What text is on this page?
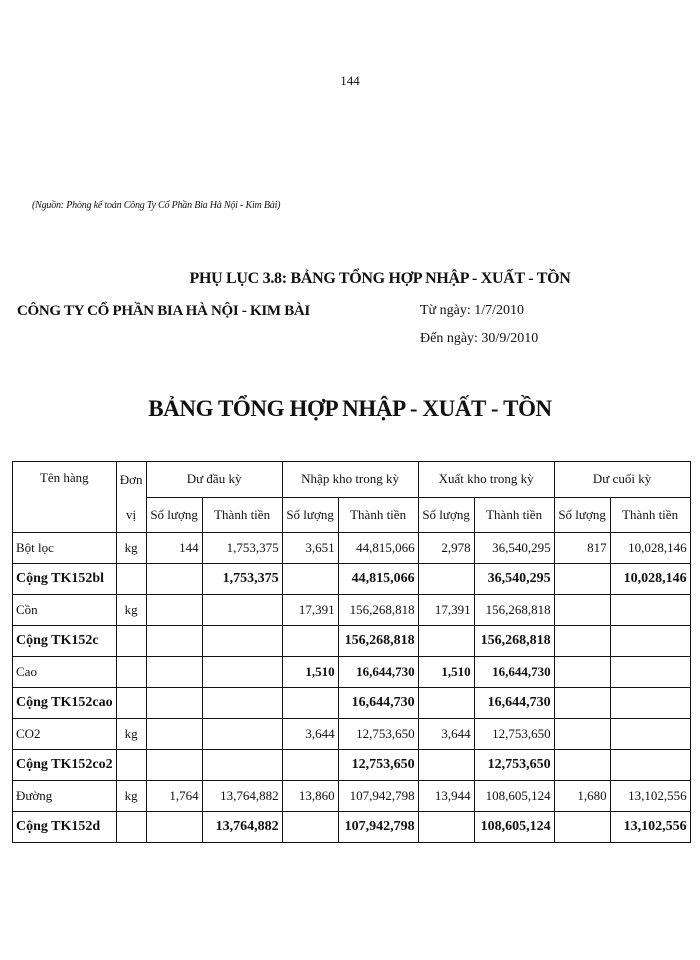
144
(Nguồn: Phòng kế toán Công Ty Cổ Phần Bia Hà Nội - Kim Bài)
PHỤ LỤC 3.8: BẢNG TỔNG HỢP NHẬP - XUẤT - TỒN
CÔNG TY CỔ PHẦN BIA HÀ NỘI - KIM BÀI	Từ ngày: 1/7/2010
Đến ngày: 30/9/2010
BẢNG TỔNG HỢP NHẬP - XUẤT - TỒN
Tên hàng	Đơn	Dư đầu kỳ		Nhập kho trong kỳ		Xuất kho trong kỳ		Dư cuối kỳ	
	vị	Số lượng	Thành tiền	Số lượng	Thành tiền	Số lượng	Thành tiền	Số lượng	Thành tiền
Bột lọc	kg	144	1,753,375	3,651	44,815,066	2,978	36,540,295	817	10,028,146
Cộng TK152bl			1,753,375		44,815,066		36,540,295		10,028,146
Cồn	kg			17,391	156,268,818	17,391	156,268,818		
Cộng TK152c					156,268,818		156,268,818		
Cao				1,510	16,644,730	1,510	16,644,730		
Cộng TK152cao					16,644,730		16,644,730		
CO2	kg			3,644	12,753,650	3,644	12,753,650		
Cộng TK152co2					12,753,650		12,753,650		
Đường	kg	1,764	13,764,882	13,860	107,942,798	13,944	108,605,124	1,680	13,102,556
Cộng TK152d			13,764,882		107,942,798		108,605,124		13,102,556
